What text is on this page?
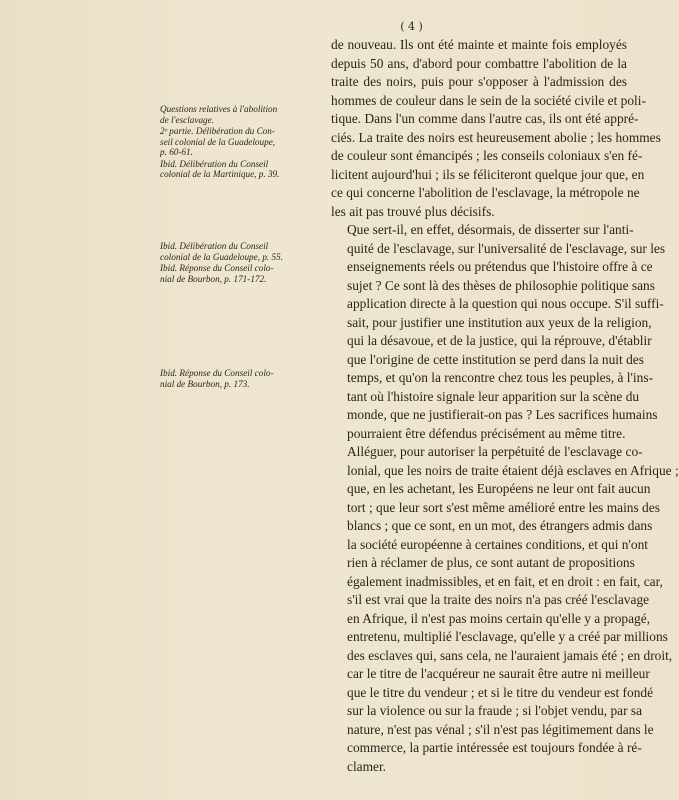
( 4 )
Questions relatives à l'abolition
de l'esclavage.
2ᵉ partie. Délibération du Con-
seil colonial de la Guadeloupe,
p. 60-61.
Ibid. Délibération du Conseil
colonial de la Martinique, p. 39.
Ibid. Délibération du Conseil
colonial de la Guadeloupe, p. 55.
Ibid. Réponse du Conseil colo-
nial de Bourbon, p. 171-172.
Ibid. Réponse du Conseil colo-
nial de Bourbon, p. 173.

de nouveau. Ils ont été mainte et mainte fois employés
depuis 50 ans, d'abord pour combattre l'abolition de la
traite des noirs, puis pour s'opposer à l'admission des
hommes de couleur dans le sein de la société civile et poli-
tique. Dans l'un comme dans l'autre cas, ils ont été appré-
ciés. La traite des noirs est heureusement abolie ; les hommes
de couleur sont émancipés ; les conseils coloniaux s'en fé-
licitent aujourd'hui ; ils se féliciteront quelque jour que, en
ce qui concerne l'abolition de l'esclavage, la métropole ne
les ait pas trouvé plus décisifs.

Que sert-il, en effet, désormais, de disserter sur l'anti-
quité de l'esclavage, sur l'universalité de l'esclavage, sur les
enseignements réels ou prétendus que l'histoire offre à ce
sujet ? Ce sont là des thèses de philosophie politique sans
application directe à la question qui nous occupe. S'il suffi-
sait, pour justifier une institution aux yeux de la religion,
qui la désavoue, et de la justice, qui la réprouve, d'établir
que l'origine de cette institution se perd dans la nuit des
temps, et qu'on la rencontre chez tous les peuples, à l'ins-
tant où l'histoire signale leur apparition sur la scène du
monde, que ne justifierait-on pas ? Les sacrifices humains
pourraient être défendus précisément au même titre.

Alléguer, pour autoriser la perpétuité de l'esclavage co-
lonial, que les noirs de traite étaient déjà esclaves en Afrique ;
que, en les achetant, les Européens ne leur ont fait aucun
tort ; que leur sort s'est même amélioré entre les mains des
blancs ; que ce sont, en un mot, des étrangers admis dans
la société européenne à certaines conditions, et qui n'ont
rien à réclamer de plus, ce sont autant de propositions
également inadmissibles, et en fait, et en droit : en fait, car,
s'il est vrai que la traite des noirs n'a pas créé l'esclavage
en Afrique, il n'est pas moins certain qu'elle y a propagé,
entretenu, multiplié l'esclavage, qu'elle y a créé par millions
des esclaves qui, sans cela, ne l'auraient jamais été ; en droit,
car le titre de l'acquéreur ne saurait être autre ni meilleur
que le titre du vendeur ; et si le titre du vendeur est fondé
sur la violence ou sur la fraude ; si l'objet vendu, par sa
nature, n'est pas vénal ; s'il n'est pas légitimement dans le
commerce, la partie intéressée est toujours fondée à ré-
clamer.
